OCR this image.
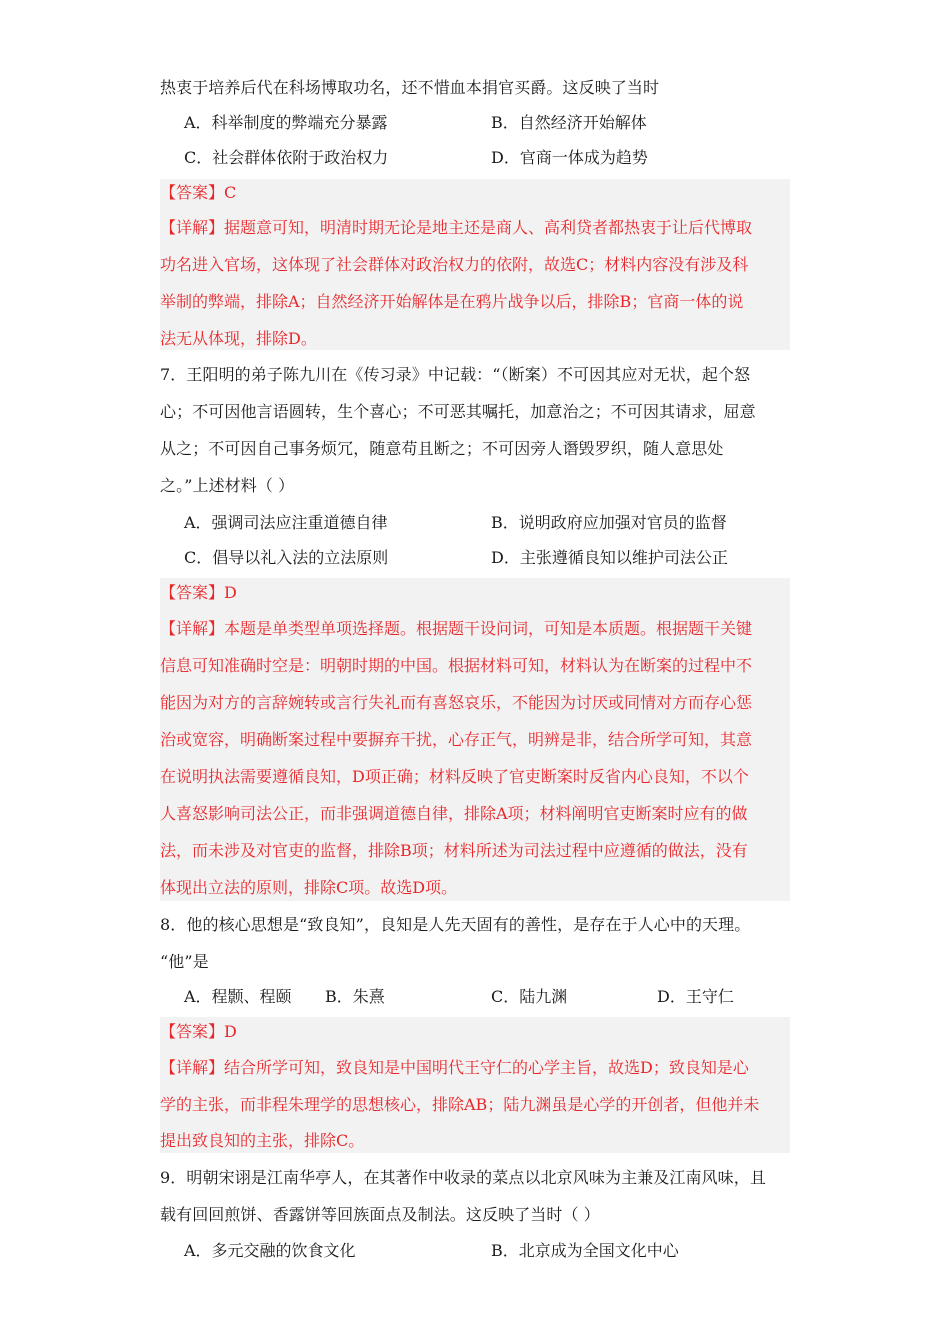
热衷于培养后代在科场博取功名，还不惜血本捐官买爵。这反映了当时
A．科举制度的弊端充分暴露	B．自然经济开始解体
C．社会群体依附于政治权力	D．官商一体成为趋势
【答案】C
【详解】据题意可知，明清时期无论是地主还是商人、高利贷者都热衷于让后代博取
功名进入官场，这体现了社会群体对政治权力的依附，故选C；材料内容没有涉及科
举制的弊端，排除A；自然经济开始解体是在鸦片战争以后，排除B；官商一体的说
法无从体现，排除D。
7．王阳明的弟子陈九川在《传习录》中记载：“（断案）不可因其应对无状，起个怒
心；不可因他言语圆转，生个喜心；不可恶其嘱托，加意治之；不可因其请求，屈意
从之；不可因自己事务烦冗，随意苟且断之；不可因旁人谮毁罗织，随人意思处
之。”上述材料（ ）
A．强调司法应注重道德自律	B．说明政府应加强对官员的监督
C．倡导以礼入法的立法原则	D．主张遵循良知以维护司法公正
【答案】D
【详解】本题是单类型单项选择题。根据题干设问词，可知是本质题。根据题干关键
信息可知准确时空是：明朝时期的中国。根据材料可知，材料认为在断案的过程中不
能因为对方的言辞婉转或言行失礼而有喜怒哀乐，不能因为讨厌或同情对方而存心惩
治或宽容，明确断案过程中要摒弃干扰，心存正气，明辨是非，结合所学可知，其意
在说明执法需要遵循良知，D项正确；材料反映了官吏断案时反省内心良知，不以个
人喜怒影响司法公正，而非强调道德自律，排除A项；材料阐明官吏断案时应有的做
法，而未涉及对官吏的监督，排除B项；材料所述为司法过程中应遵循的做法，没有
体现出立法的原则，排除C项。故选D项。
8．他的核心思想是“致良知”，良知是人先天固有的善性，是存在于人心中的天理。
“他”是
A．程颢、程颐 B．朱熹	C．陆九渊	D．王守仁
【答案】D
【详解】结合所学可知，致良知是中国明代王守仁的心学主旨，故选D；致良知是心
学的主张，而非程朱理学的思想核心，排除AB；陆九渊虽是心学的开创者，但他并未
提出致良知的主张，排除C。
9．明朝宋诩是江南华亭人，在其著作中收录的菜点以北京风味为主兼及江南风味，且
载有回回煎饼、香露饼等回族面点及制法。这反映了当时（ ）
A．多元交融的饮食文化	B．北京成为全国文化中心
